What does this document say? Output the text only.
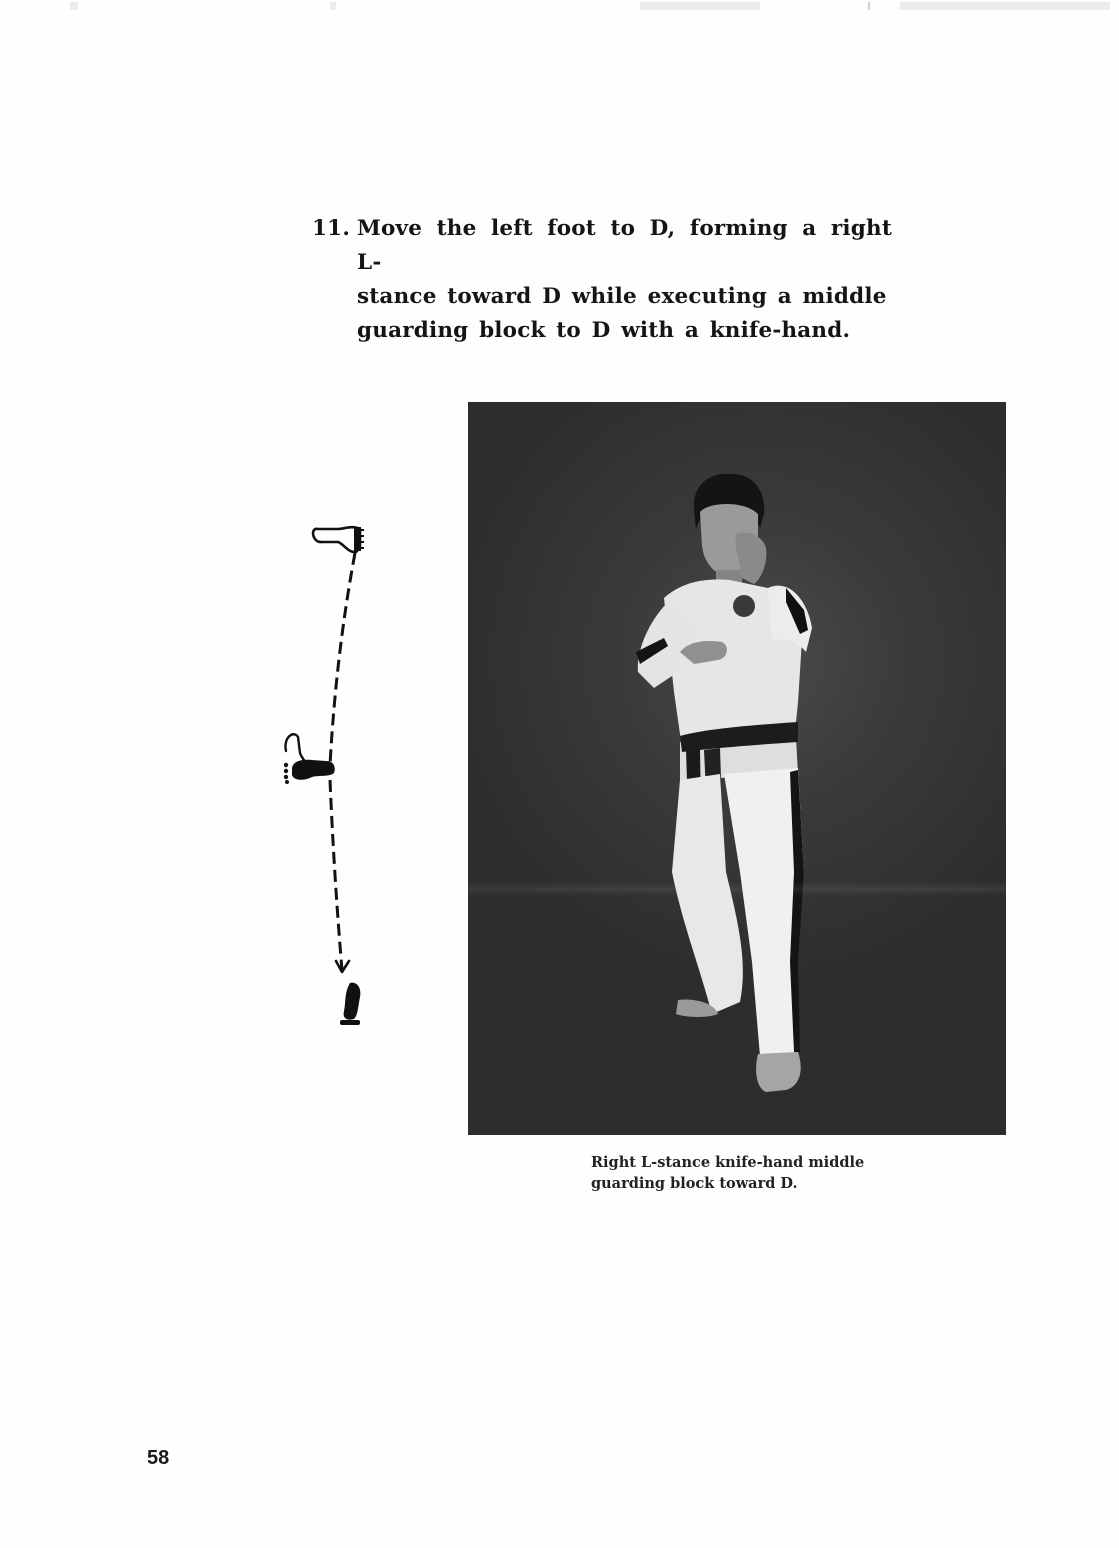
11. Move the left foot to D, forming a right L-
stance toward D while executing a middle
guarding block to D with a knife-hand.
Right L-stance knife-hand middle
guarding block toward D.
58
